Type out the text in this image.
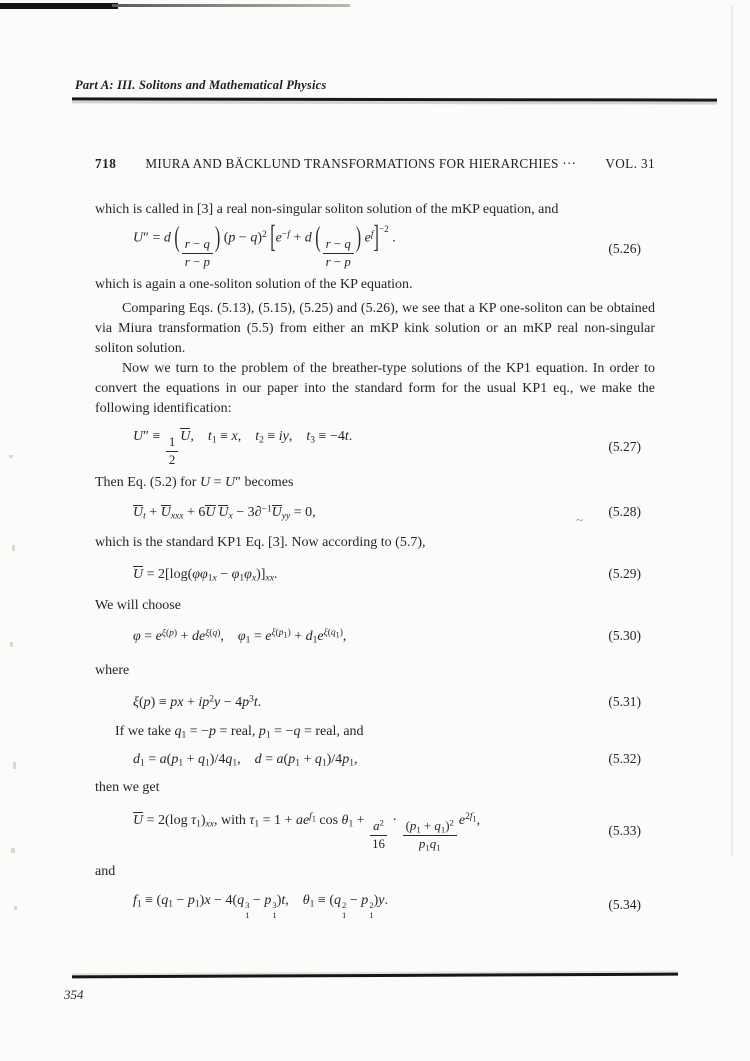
Part A: III. Solitons and Mathematical Physics
718	MIURA AND BÄCKLUND TRANSFORMATIONS FOR HIERARCHIES ···	VOL. 31

which is called in [3] a real non-singular soliton solution of the mKP equation, and

U″ = d ( $\frac{r - q}{r - p}$ ) $(p - q)^2$ [$e^{-f} + d$ ( $\frac{r - q}{r - p}$ ) $e^f]^{-2}$ .
(5.26)

which is again a one-soliton solution of the KP equation.

Comparing Eqs. (5.13), (5.15), (5.25) and (5.26), we see that a KP one-soliton can be obtained via Miura transformation (5.5) from either an mKP kink solution or an mKP real non-singular soliton solution.

Now we turn to the problem of the breather-type solutions of the KP1 equation. In order to convert the equations in our paper into the standard form for the usual KP1 eq., we make the following identification:

$U'' \equiv \frac{1}{2} U$,  $t_1 \equiv x$,  $t_2$ ≡ iy,  $t_3 \equiv -4t$.
(5.27)

Then Eq. (5.2) for U = U″ becomes

$U_t + U_{xxx} + 6U$  $U_x - 3\partial^{-1}U_{yy} = 0$,	~
(5.28)

which is the standard KP1 Eq. [3]. Now according to (5.7),

$U = 2[\log(\varphi\varphi_{1x} - \varphi_1\varphi_x)]_{xx}$.	(5.29)

We will choose

$\varphi = e^{\xi(p)} + de^{\xi(q)}$,  $\varphi_1 = e^{\xi(p_1)} + d_1e^{\xi(q_1)}$,	(5.30)

where

ξ(p) ≡ px + $ip^2y - 4p^3t$.	(5.31)

If we take $q_1 = -p$ = real, $p_1 = -q$ = real, and

$d_1 = a(p_1 + q_1)/4q_1$,  $d = a(p_1 + q_1)/4p_1$,	(5.32)

then we get

U = 2(log $\tau_1)_{xx}$, with $\tau_1 = 1 + ae^{f_1}$ $\cos \theta_1 + \frac{a^2}{16} \cdot \frac{(p_1 + q_1)^2}{p_1q_1} e^{2f_1}$,
(5.33)

and

$f_1 \equiv (q_1 - p_1)x - 4(q$ 3
1
− p 3
1
)t,  $\theta_1 \equiv (q$ 2
1
− p 2
1
)y.	(5.34)
354
